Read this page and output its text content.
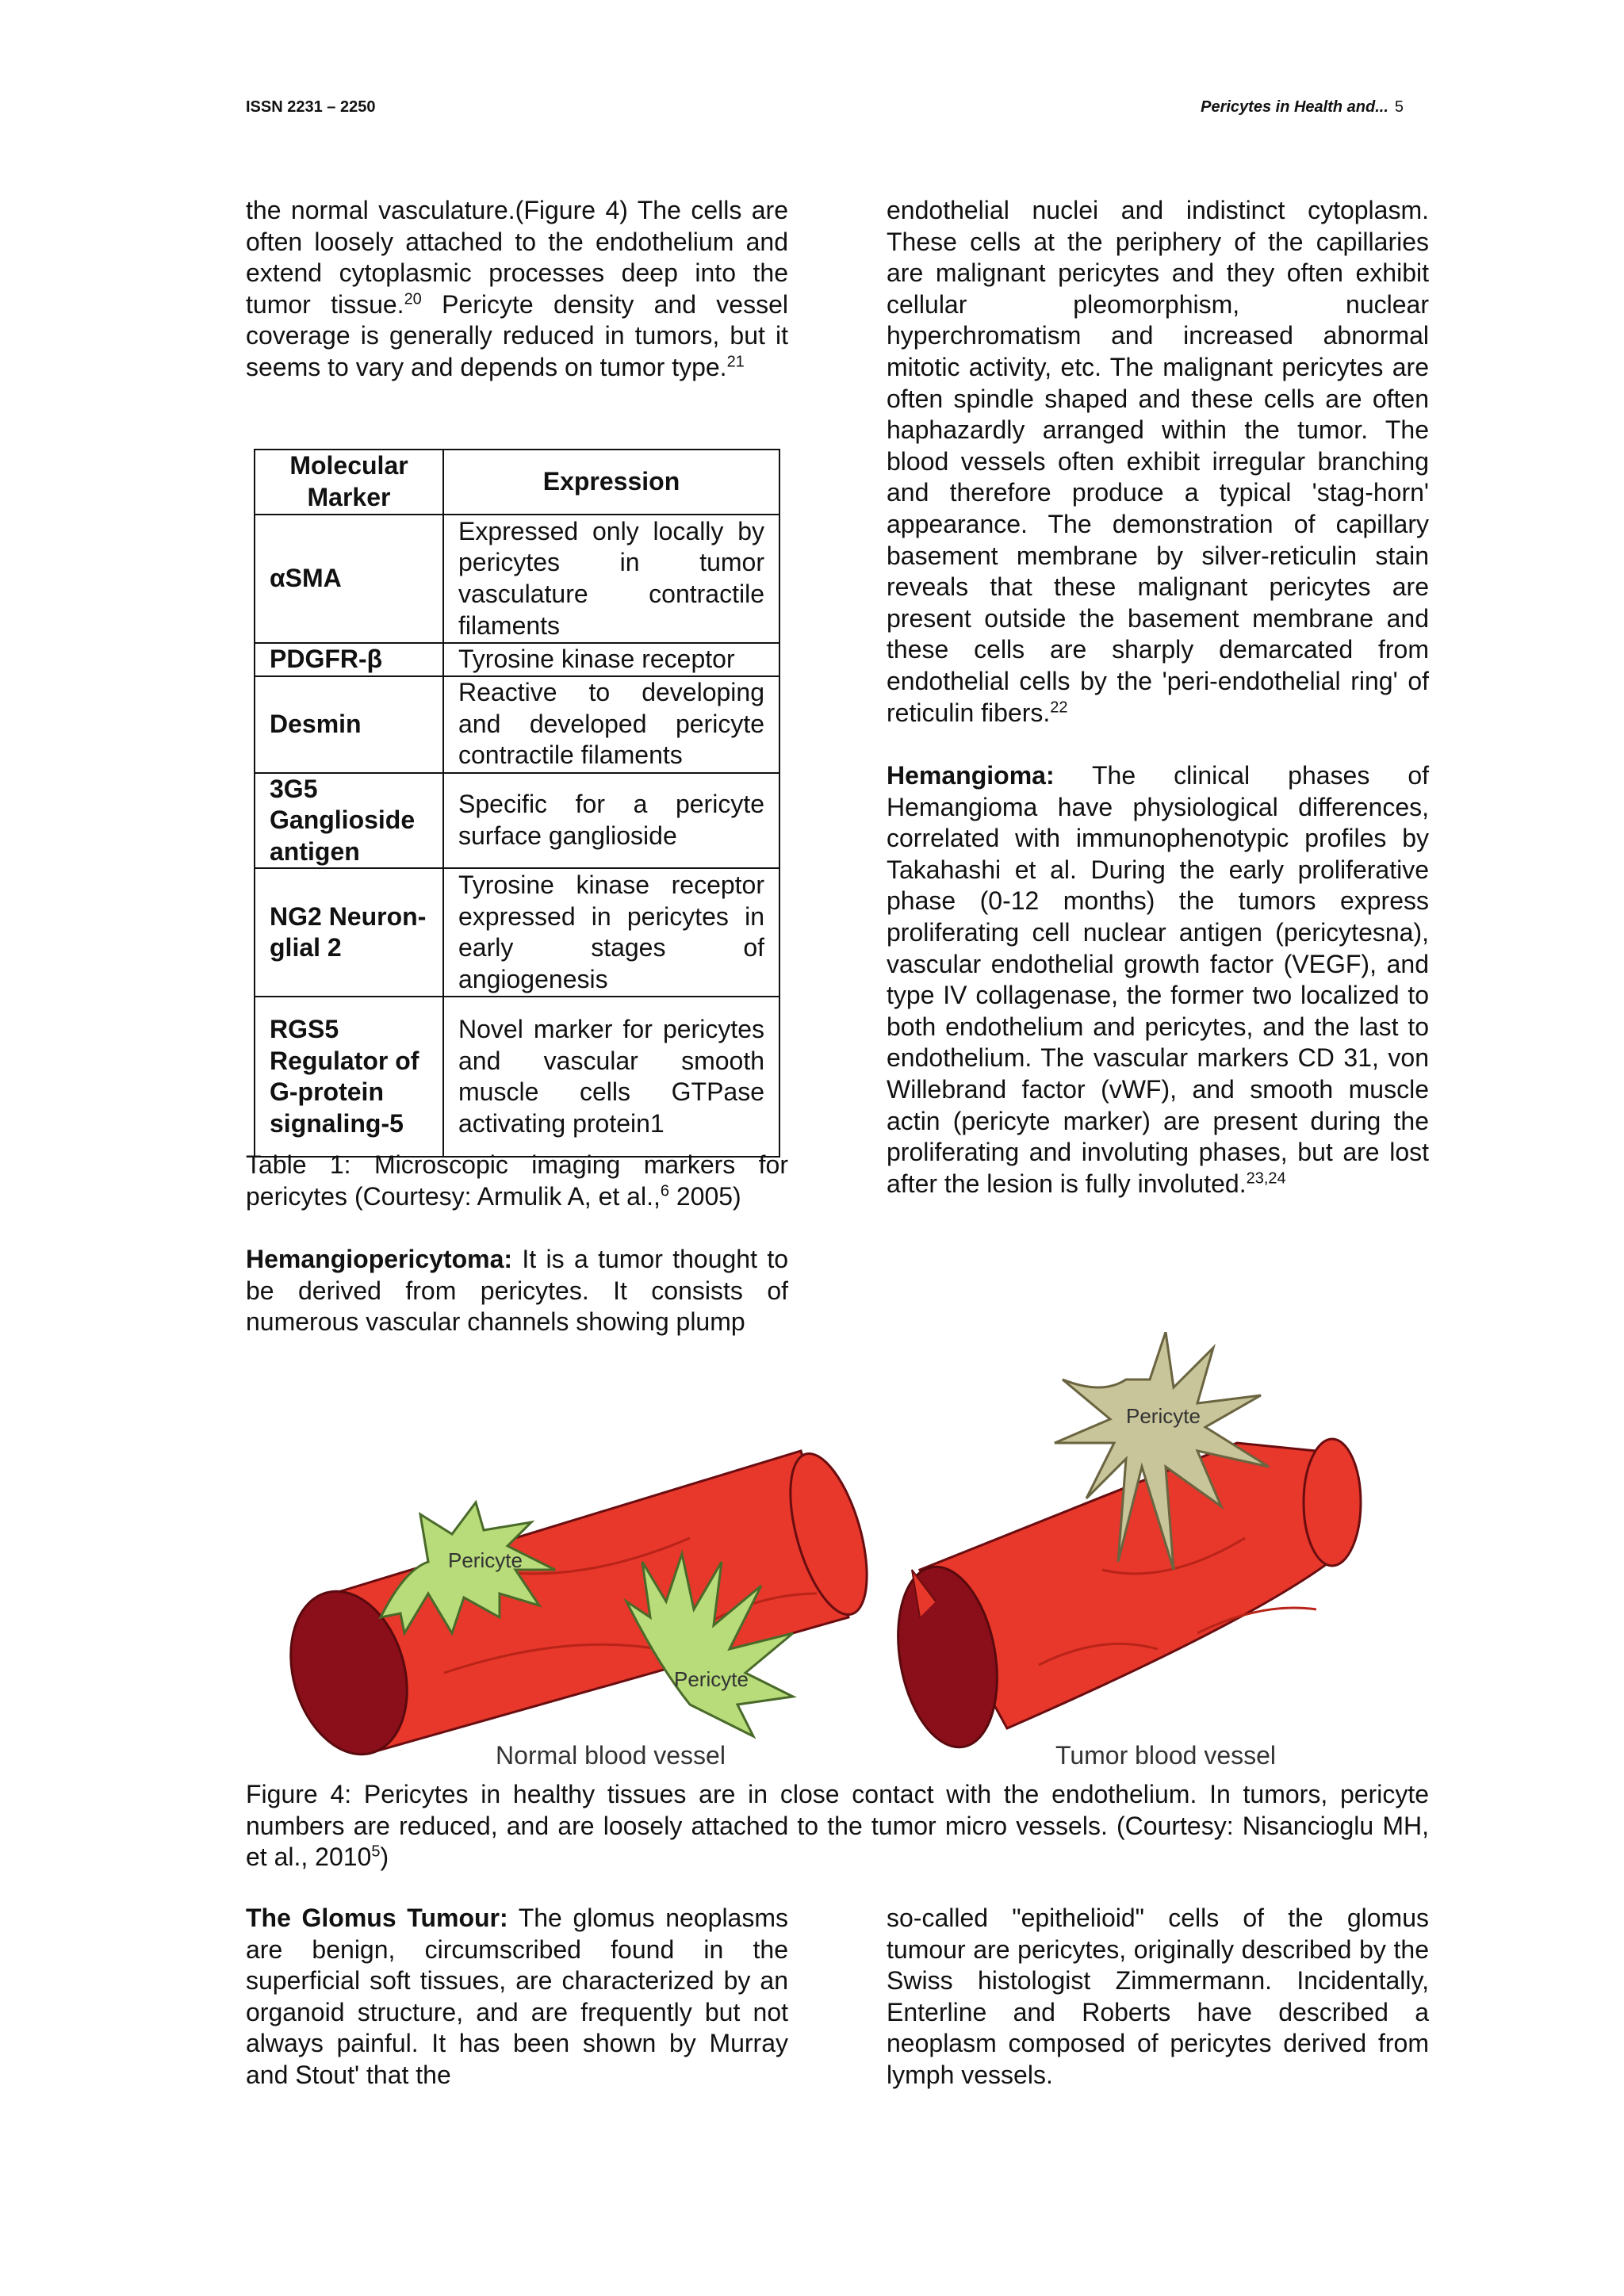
ISSN 2231 – 2250	Pericytes in Health and... 5

the normal vasculature.(Figure 4) The cells are often loosely attached to the endothelium and extend cytoplasmic processes deep into the tumor tissue.$^{20}$ Pericyte density and vessel coverage is generally reduced in tumors, but it seems to vary and depends on tumor type.$^{21}$

Molecular Marker	Expression
αSMA	Expressed only locally by pericytes in tumor vasculature contractile filaments
PDGFR-β	Tyrosine kinase receptor
Desmin	Reactive to developing and developed pericyte contractile filaments
3G5 Ganglioside antigen	Specific for a pericyte surface ganglioside
NG2 Neuron-glial 2	Tyrosine kinase receptor expressed in pericytes in early stages of angiogenesis
RGS5 Regulator of G-protein signaling-5	Novel marker for pericytes and vascular smooth muscle cells GTPase activating protein1

Table 1: Microscopic imaging markers for pericytes (Courtesy: Armulik A, et al.,$^6$ 2005)

Hemangiopericytoma: It is a tumor thought to be derived from pericytes. It consists of numerous vascular channels showing plump

endothelial nuclei and indistinct cytoplasm. These cells at the periphery of the capillaries are malignant pericytes and they often exhibit cellular pleomorphism, nuclear hyperchromatism and increased abnormal mitotic activity, etc. The malignant pericytes are often spindle shaped and these cells are often haphazardly arranged within the tumor. The blood vessels often exhibit irregular branching and therefore produce a typical 'stag-horn' appearance. The demonstration of capillary basement membrane by silver-reticulin stain reveals that these malignant pericytes are present outside the basement membrane and these cells are sharply demarcated from endothelial cells by the 'peri-endothelial ring' of reticulin fibers.$^{22}$

Hemangioma: The clinical phases of Hemangioma have physiological differences, correlated with immunophenotypic profiles by Takahashi et al. During the early proliferative phase (0-12 months) the tumors express proliferating cell nuclear antigen (pericytesna), vascular endothelial growth factor (VEGF), and type IV collagenase, the former two localized to both endothelium and pericytes, and the last to endothelium. The vascular markers CD 31, von Willebrand factor (vWF), and smooth muscle actin (pericyte marker) are present during the proliferating and involuting phases, but are lost after the lesion is fully involuted.$^{23,24}$

Pericyte
Pericyte
Normal blood vessel
Pericyte
Tumor blood vessel

Figure 4: Pericytes in healthy tissues are in close contact with the endothelium. In tumors, pericyte numbers are reduced, and are loosely attached to the tumor micro vessels. (Courtesy: Nisancioglu MH, et al., 2010$^5$)

The Glomus Tumour: The glomus neoplasms are benign, circumscribed found in the superficial soft tissues, are characterized by an organoid structure, and are frequently but not always painful. It has been shown by Murray and Stout' that the

so-called "epithelioid" cells of the glomus tumour are pericytes, originally described by the Swiss histologist Zimmermann. Incidentally, Enterline and Roberts have described a neoplasm composed of pericytes derived from lymph vessels.
